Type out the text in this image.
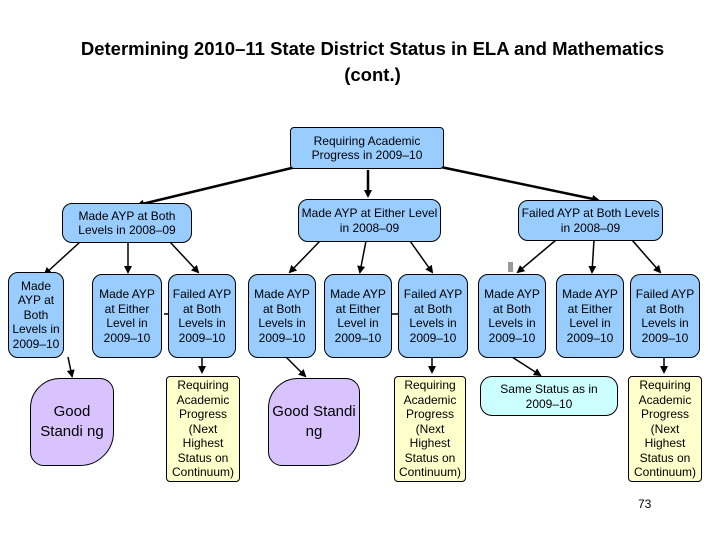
Determining 2010–11 State District Status in ELA and Mathematics
(cont.)
Requiring Academic Progress in 2009–10
Made AYP at Both Levels in 2008–09
Made AYP at Either Level in 2008–09
Failed AYP at Both Levels in 2008–09
Made AYP at Both Levels in 2009–10
Made AYP at Either Level in 2009–10
Failed AYP at Both Levels in 2009–10
Made AYP at Both Levels in 2009–10
Made AYP at Either Level in 2009–10
Failed AYP at Both Levels in 2009–10
Made AYP at Both Levels in 2009–10
Made AYP at Either Level in 2009–10
Failed AYP at Both Levels in 2009–10
Good Standi ng
Requiring Academic Progress (Next Highest Status on Continuum)
Good Standi ng
Requiring Academic Progress (Next Highest Status on Continuum)
Same Status as in 2009–10
Requiring Academic Progress (Next Highest Status on Continuum)
73
